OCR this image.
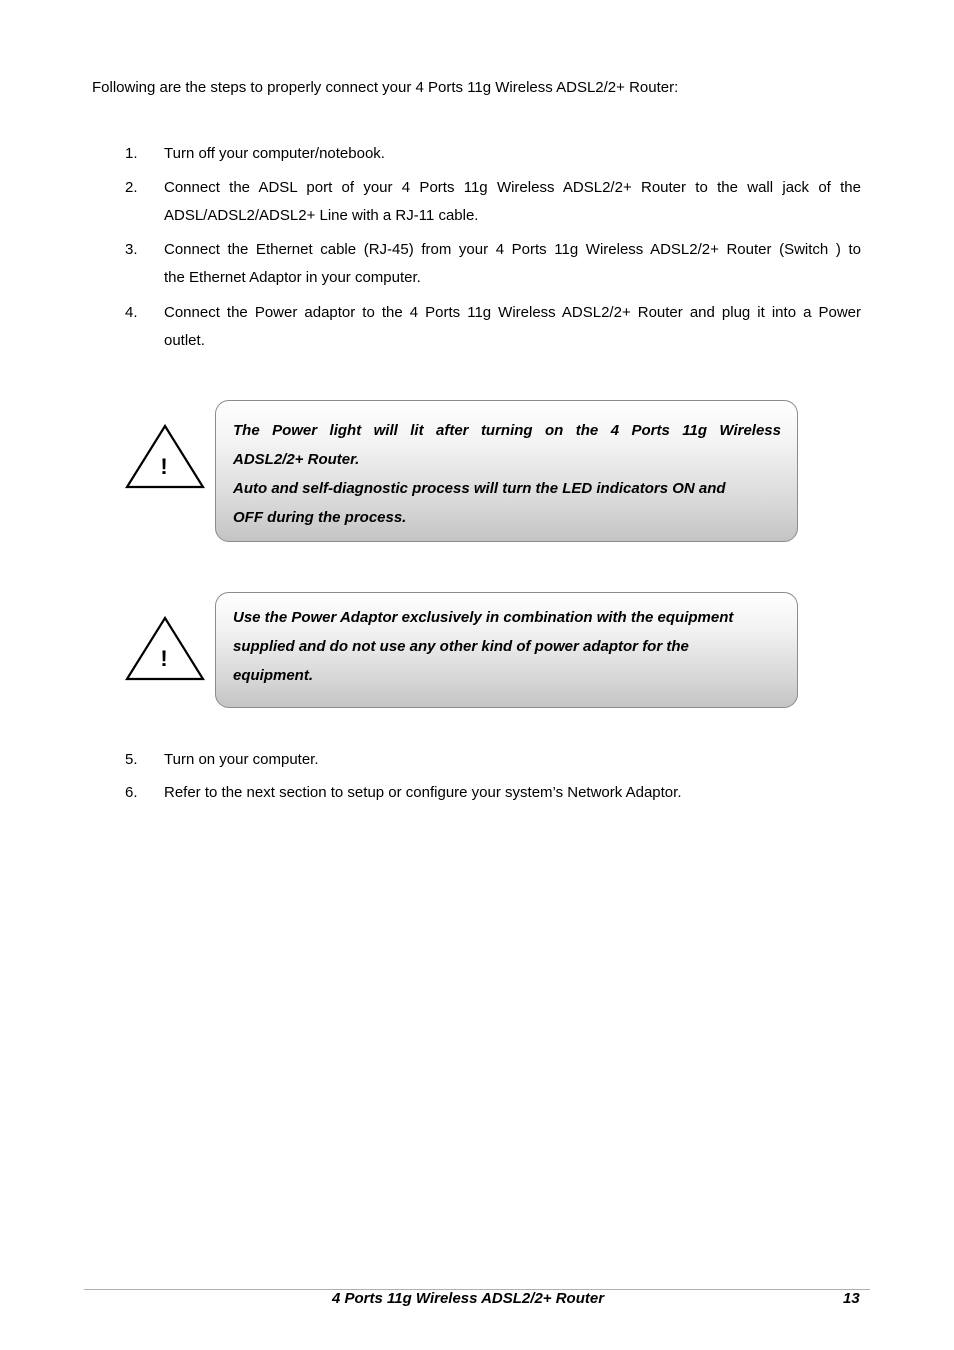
Following are the steps to properly connect your 4 Ports 11g Wireless ADSL2/2+ Router:
1. Turn off your computer/notebook.
2. Connect the ADSL port of your 4 Ports 11g Wireless ADSL2/2+ Router to the wall jack of the
ADSL/ADSL2/ADSL2+ Line with a RJ-11 cable.
3. Connect the Ethernet cable (RJ-45) from your 4 Ports 11g Wireless ADSL2/2+ Router (Switch ) to
the Ethernet Adaptor in your computer.
4. Connect the Power adaptor to the 4 Ports 11g Wireless ADSL2/2+ Router and plug it into a Power
outlet.
!
The Power light will lit after turning on the 4 Ports 11g Wireless
ADSL2/2+ Router.
Auto and self-diagnostic process will turn the LED indicators ON and
OFF during the process.
!
Use the Power Adaptor exclusively in combination with the equipment
supplied and do not use any other kind of power adaptor for the
equipment.
5. Turn on your computer.
6. Refer to the next section to setup or configure your system’s Network Adaptor.
4 Ports 11g Wireless ADSL2/2+ Router	13
